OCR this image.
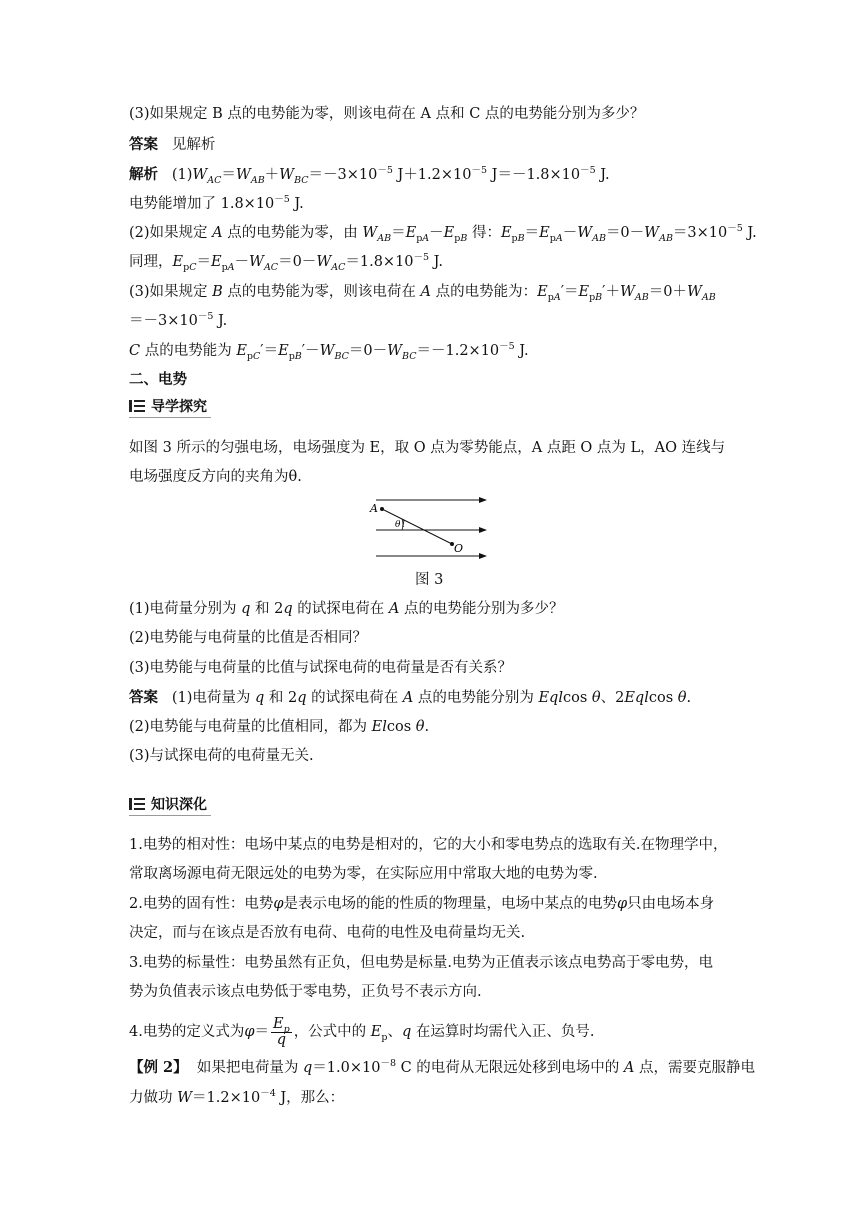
(3)如果规定 B 点的电势能为零，则该电荷在 A 点和 C 点的电势能分别为多少？
答案 见解析
解析   $(1)W_{AC}=W_{AB}+W_{BC}=-3\times 10^{-5}$ $J+1.2\times 10^{-5}$ $J=-1.8\times 10^{-5}$ J.
电势能增加了 $1.8\times 10^{-5}$ J.
(2)如果规定 A 点的电势能为零，由 $W_{AB}=E_{pA}-E_{pB}$ 得：$E_{pB}=E_{pA}-W_{AB}=0-W_{AB}=3\times 10^{-5}$ J.
同理，$E_{pC}=E_{pA}-W_{AC}=0-W_{AC}=1.8\times 10^{-5}$ J.
(3)如果规定 B 点的电势能为零，则该电荷在 A 点的电势能为：$E_{pA}'=E_{pB}'+W_{AB}=0+W_{AB}$
$=-3\times 10^{-5}$ J.
C 点的电势能为 $E_{pC}'=E_{pB}'-W_{BC}=0-W_{BC}=-1.2\times 10^{-5}$ J.
二、电势
导学探究
如图 3 所示的匀强电场，电场强度为 E，取 O 点为零势能点，A 点距 O 点为 L，AO 连线与
电场强度反方向的夹角为θ.
A
O
θ l
图 3
(1)电荷量分别为 q 和 2q 的试探电荷在 A 点的电势能分别为多少？
(2)电势能与电荷量的比值是否相同？
(3)电势能与电荷量的比值与试探电荷的电荷量是否有关系？
答案   (1)电荷量为 q 和 2q 的试探电荷在 A 点的电势能分别为 Eqlcos θ、2Eqlcos θ.
(2)电势能与电荷量的比值相同，都为 Elcos θ.
(3)与试探电荷的电荷量无关.
知识深化
1.电势的相对性：电场中某点的电势是相对的，它的大小和零电势点的选取有关.在物理学中，
常取离场源电荷无限远处的电势为零，在实际应用中常取大地的电势为零.
2.电势的固有性：电势φ是表示电场的能的性质的物理量，电场中某点的电势φ只由电场本身
决定，而与在该点是否放有电荷、电荷的电性及电荷量均无关.
3.电势的标量性：电势虽然有正负，但电势是标量.电势为正值表示该点电势高于零电势，电
势为负值表示该点电势低于零电势，正负号不表示方向.
4.电势的定义式为$\varphi= \frac{E_p}{q}$ ，公式中的 $E_p$、q 在运算时均需代入正、负号.
【例 2】  如果把电荷量为 $q=1.0\times 10^{-8}$ C 的电荷从无限远处移到电场中的 A 点，需要克服静电
力做功 $W=1.2\times 10^{-4}$ J，那么：
